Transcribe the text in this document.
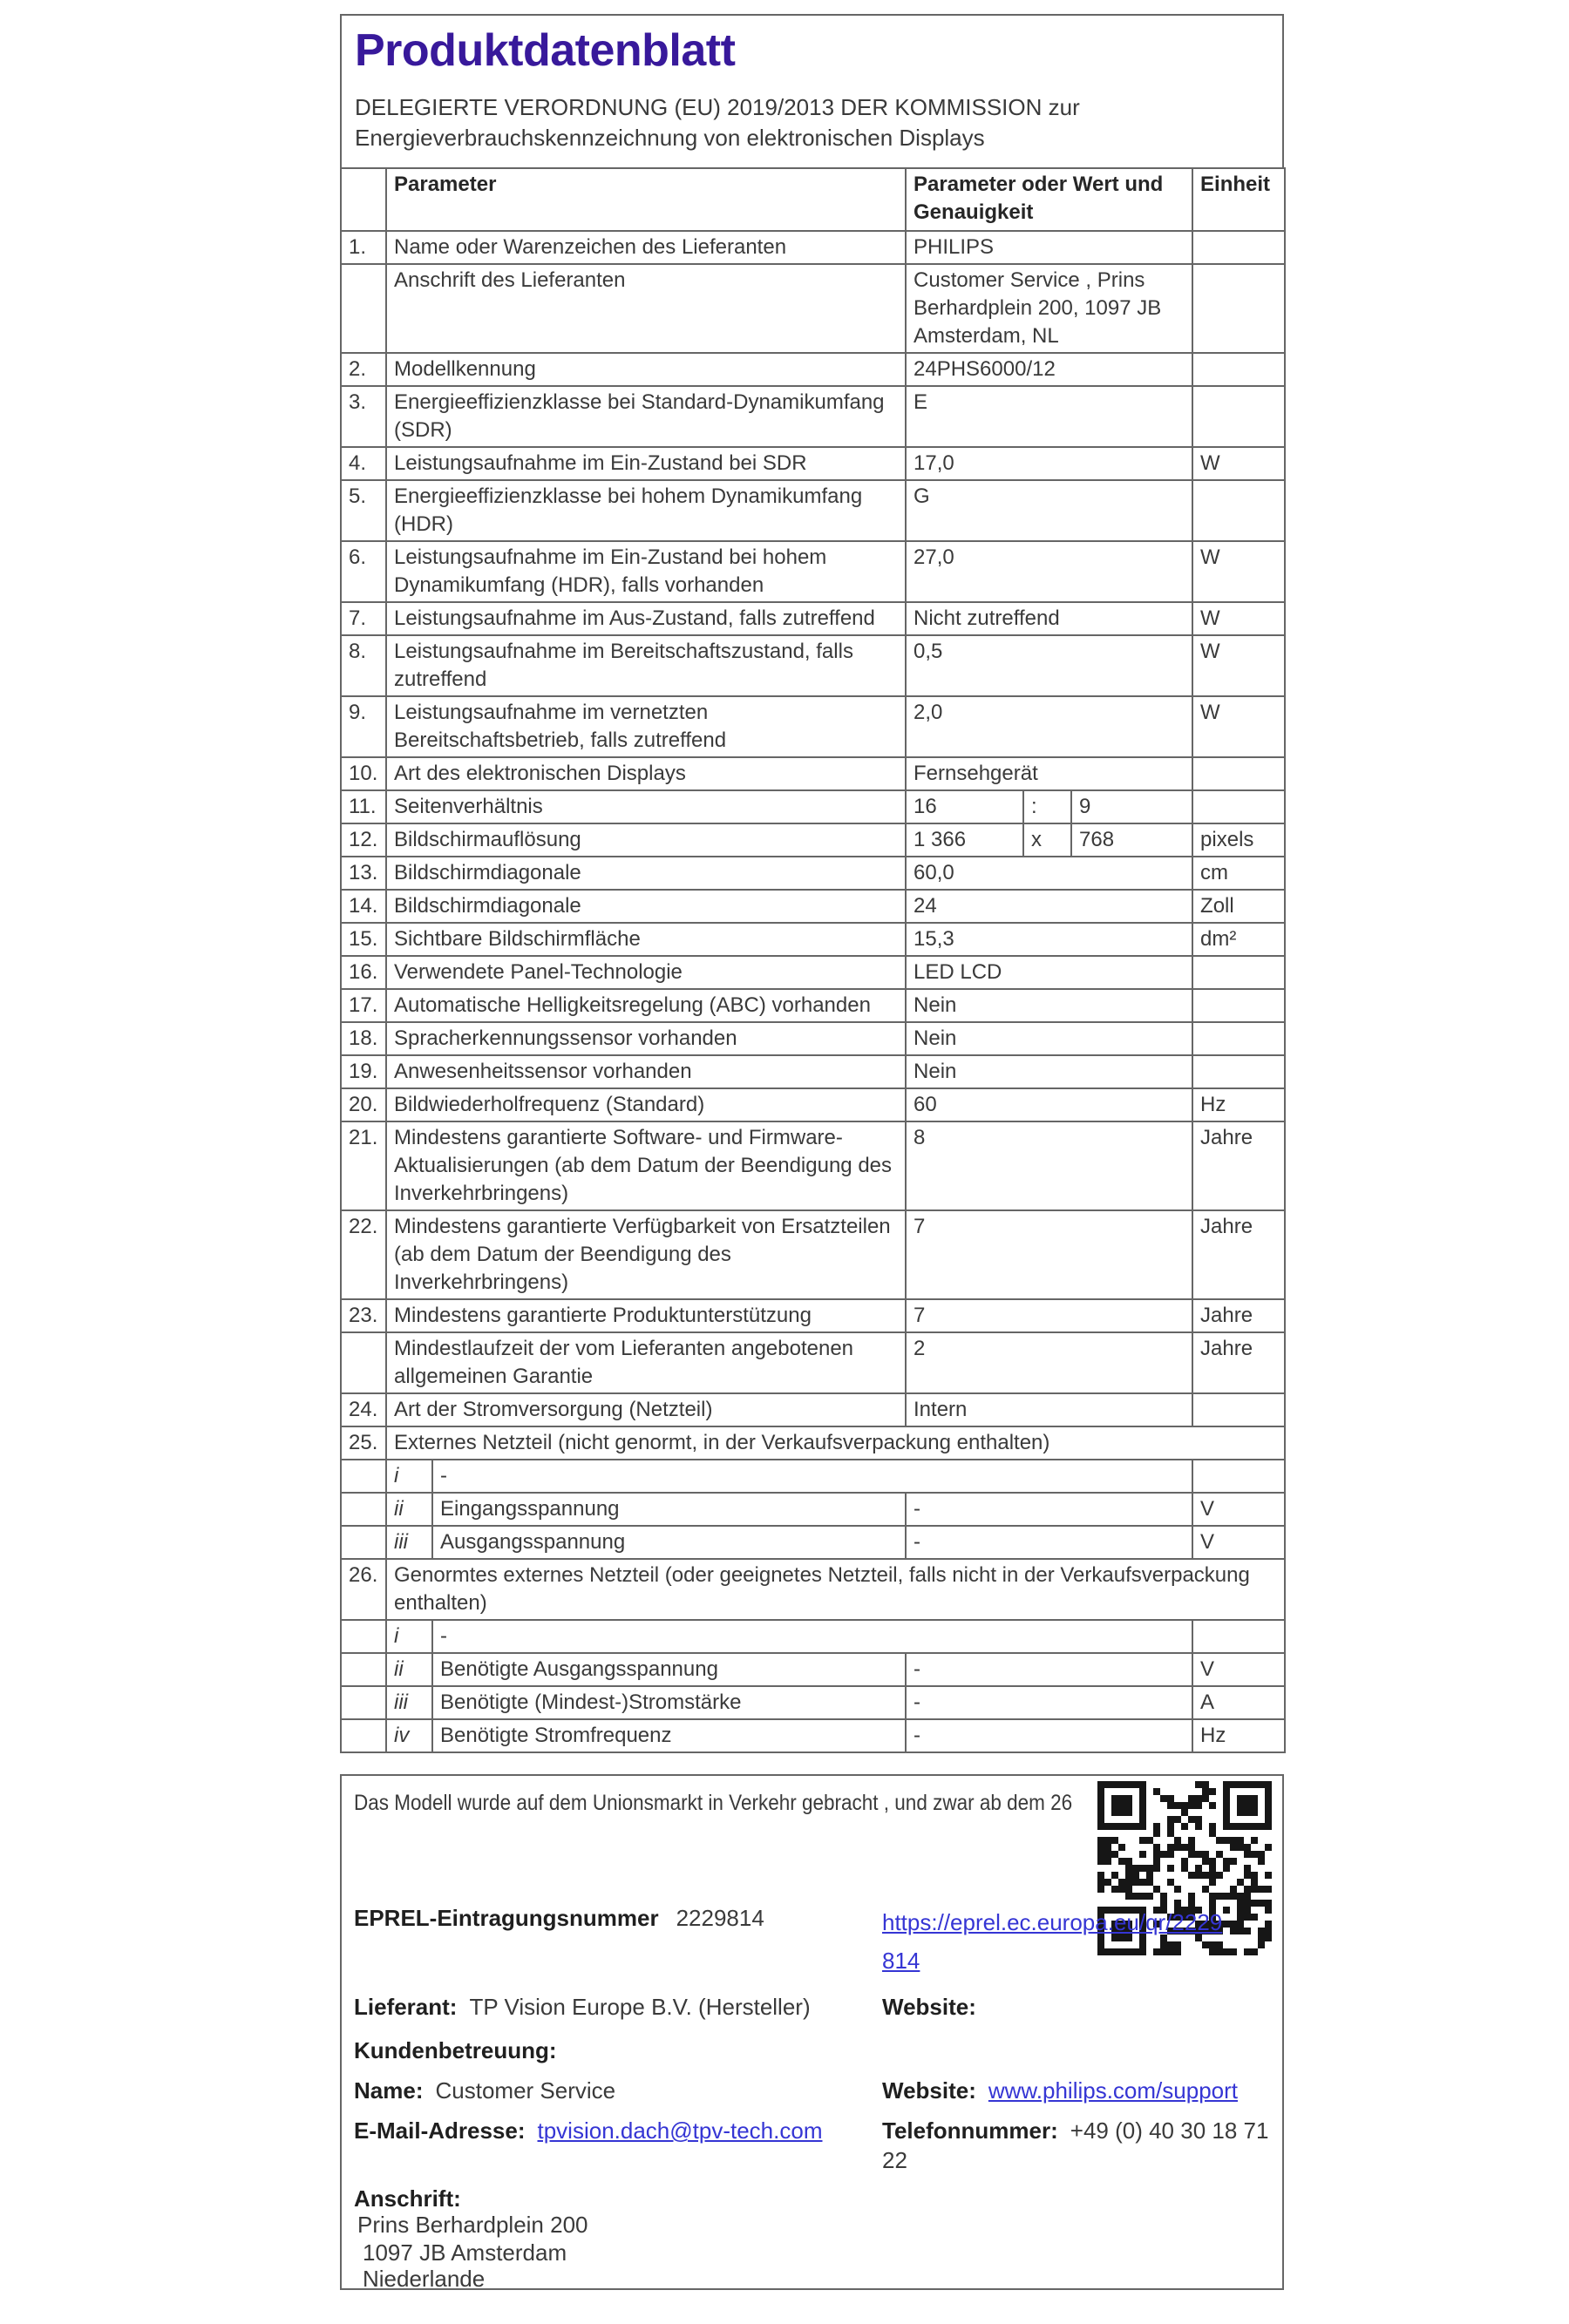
Produktdatenblatt
DELEGIERTE VERORDNUNG (EU) 2019/2013 DER KOMMISSION zur
Energieverbrauchskennzeichnung von elektronischen Displays
	Parameter		Parameter oder Wert und Genauigkeit			Einheit
1.	Name oder Warenzeichen des Lieferanten		PHILIPS			
	Anschrift des Lieferanten		Customer Service , Prins Berhardplein 200, 1097 JB Amsterdam, NL			
2.	Modellkennung		24PHS6000/12			
3.	Energieeffizienzklasse bei Standard-Dynamikumfang (SDR)		E			
4.	Leistungsaufnahme im Ein-Zustand bei SDR		17,0			W
5.	Energieeffizienzklasse bei hohem Dynamikumfang (HDR)		G			
6.	Leistungsaufnahme im Ein-Zustand bei hohem Dynamikumfang (HDR), falls vorhanden		27,0			W
7.	Leistungsaufnahme im Aus-Zustand, falls zutreffend		Nicht zutreffend			W
8.	Leistungsaufnahme im Bereitschaftszustand, falls zutreffend		0,5			W
9.	Leistungsaufnahme im vernetzten Bereitschaftsbetrieb, falls zutreffend		2,0			W
10.	Art des elektronischen Displays		Fernsehgerät			
11.	Seitenverhältnis		16	:	9	
12.	Bildschirmauflösung		1 366	x	768	pixels
13.	Bildschirmdiagonale		60,0			cm
14.	Bildschirmdiagonale		24			Zoll
15.	Sichtbare Bildschirmfläche		15,3			dm²
16.	Verwendete Panel-Technologie		LED LCD			
17.	Automatische Helligkeitsregelung (ABC) vorhanden		Nein			
18.	Spracherkennungssensor vorhanden		Nein			
19.	Anwesenheitssensor vorhanden		Nein			
20.	Bildwiederholfrequenz (Standard)		60			Hz
21.	Mindestens garantierte Software- und Firmware-Aktualisierungen (ab dem Datum der Beendigung des Inverkehrbringens)		8			Jahre
22.	Mindestens garantierte Verfügbarkeit von Ersatzteilen (ab dem Datum der Beendigung des Inverkehrbringens)		7			Jahre
23.	Mindestens garantierte Produktunterstützung		7			Jahre
	Mindestlaufzeit der vom Lieferanten angebotenen allgemeinen Garantie		2			Jahre
24.	Art der Stromversorgung (Netzteil)		Intern			
25.	Externes Netzteil (nicht genormt, in der Verkaufsverpackung enthalten)					
	i	-				
	ii	Eingangsspannung	-			V
	iii	Ausgangsspannung	-			V
26.	Genormtes externes Netzteil (oder geeignetes Netzteil, falls nicht in der Verkaufsverpackung enthalten)					
	i	-				
	ii	Benötigte Ausgangsspannung	-			V
	iii	Benötigte (Mindest-)Stromstärke	-			A
	iv	Benötigte Stromfrequenz	-			Hz
Das Modell wurde auf dem Unionsmarkt in Verkehr gebracht , und zwar ab dem 26
EPREL-Eintragungsnummer 2229814	https://eprel.ec.europa.eu/qr/2229814
Lieferant: TP Vision Europe B.V. (Hersteller)	Website:
Kundenbetreuung:
Name: Customer Service	Website: www.philips.com/support
E-Mail-Adresse: tpvision.dach@tpv-tech.com	Telefonnummer: +49 (0) 40 30 18 71 22
Anschrift:
Prins Berhardplein 200
1097 JB Amsterdam
Niederlande
